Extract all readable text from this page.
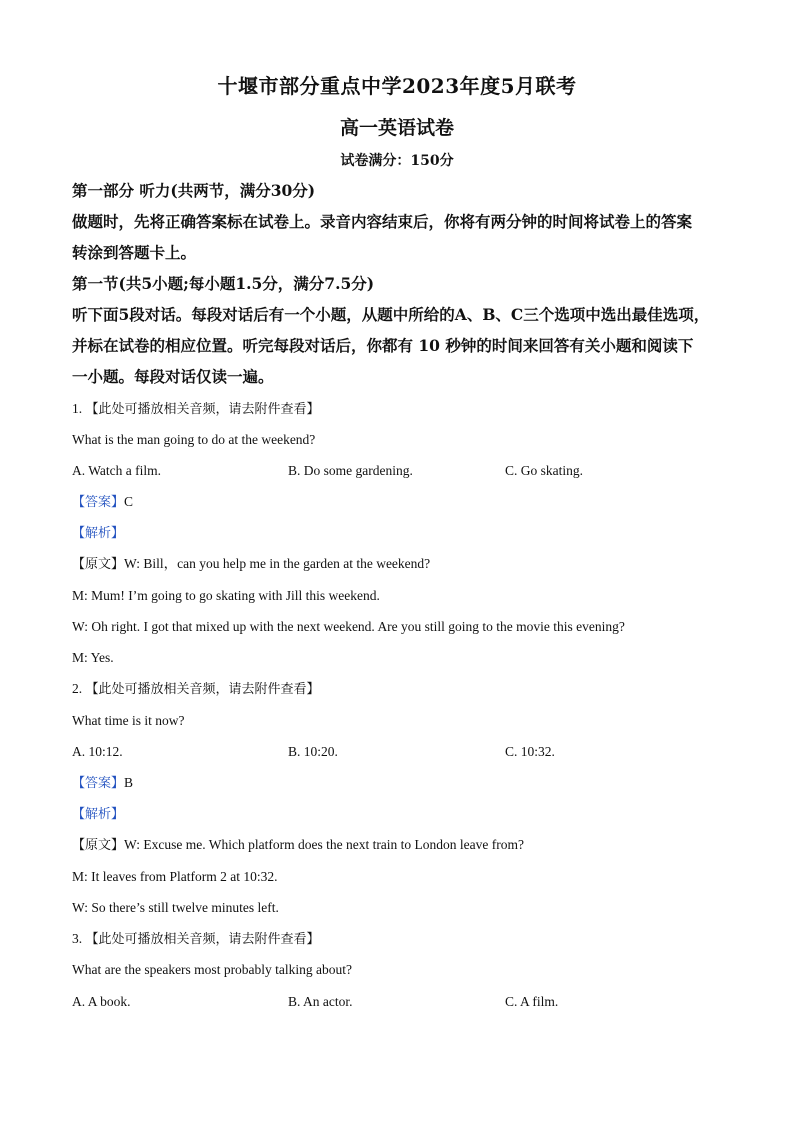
十堰市部分重点中学2023年度5月联考
高一英语试卷
试卷满分：150分
第一部分 听力(共两节，满分30分)
做题时，先将正确答案标在试卷上。录音内容结束后，你将有两分钟的时间将试卷上的答案
转涂到答题卡上。
第一节(共5小题;每小题1.5分，满分7.5分)
听下面5段对话。每段对话后有一个小题，从题中所给的A、B、C三个选项中选出最佳选项，
并标在试卷的相应位置。听完每段对话后，你都有 10 秒钟的时间来回答有关小题和阅读下
一小题。每段对话仅读一遍。
1. 【此处可播放相关音频，请去附件查看】
What is the man going to do at the weekend?
A. Watch a film.	B. Do some gardening.	C. Go skating.
【答案】C
【解析】
【原文】W: Bill，can you help me in the garden at the weekend?
M: Mum! I’m going to go skating with Jill this weekend.
W: Oh right. I got that mixed up with the next weekend. Are you still going to the movie this evening?
M: Yes.
2. 【此处可播放相关音频，请去附件查看】
What time is it now?
A. 10:12.	B. 10:20.	C. 10:32.
【答案】B
【解析】
【原文】W: Excuse me. Which platform does the next train to London leave from?
M: It leaves from Platform 2 at 10:32.
W: So there’s still twelve minutes left.
3. 【此处可播放相关音频，请去附件查看】
What are the speakers most probably talking about?
A. A book.	B. An actor.	C. A film.
